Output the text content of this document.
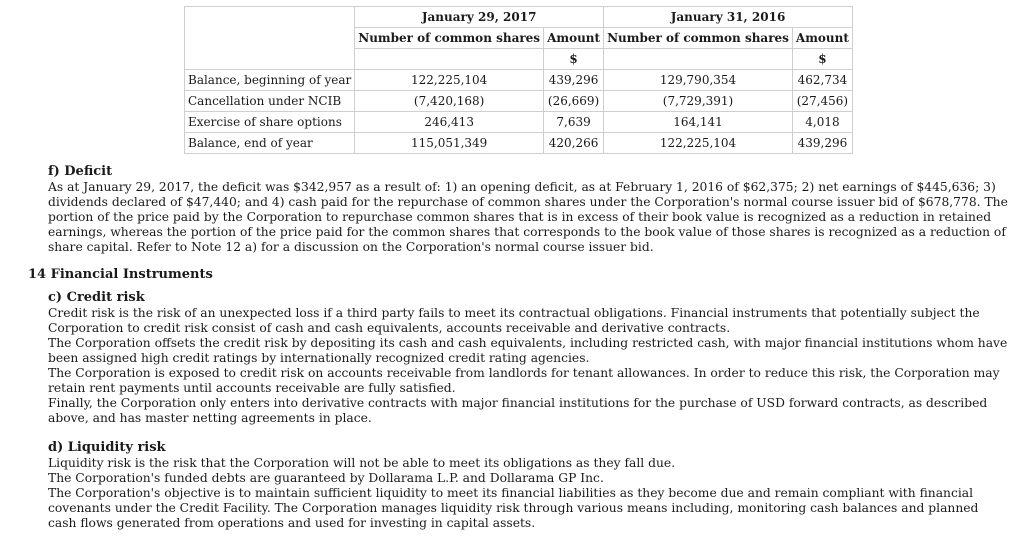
	January 29, 2017		January 31, 2016	
	Number of common shares	Amount	Number of common shares	Amount
		$		$
Balance, beginning of year	122,225,104	439,296	129,790,354	462,734
Cancellation under NCIB	(7,420,168)	(26,669)	(7,729,391)	(27,456)
Exercise of share options	246,413	7,639	164,141	4,018
Balance, end of year	115,051,349	420,266	122,225,104	439,296
f) Deficit

As at January 29, 2017, the deficit was $342,957 as a result of: 1) an opening deficit, as at February 1, 2016 of $62,375; 2) net earnings of $445,636; 3) dividends declared of $47,440; and 4) cash paid for the repurchase of common shares under the Corporation's normal course issuer bid of $678,778. The portion of the price paid by the Corporation to repurchase common shares that is in excess of their book value is recognized as a reduction in retained earnings, whereas the portion of the price paid for the common shares that corresponds to the book value of those shares is recognized as a reduction of share capital. Refer to Note 12 a) for a discussion on the Corporation's normal course issuer bid.

14 Financial Instruments
c) Credit risk

Credit risk is the risk of an unexpected loss if a third party fails to meet its contractual obligations. Financial instruments that potentially subject the Corporation to credit risk consist of cash and cash equivalents, accounts receivable and derivative contracts.

The Corporation offsets the credit risk by depositing its cash and cash equivalents, including restricted cash, with major financial institutions whom have been assigned high credit ratings by internationally recognized credit rating agencies.

The Corporation is exposed to credit risk on accounts receivable from landlords for tenant allowances. In order to reduce this risk, the Corporation may retain rent payments until accounts receivable are fully satisfied.

Finally, the Corporation only enters into derivative contracts with major financial institutions for the purchase of USD forward contracts, as described above, and has master netting agreements in place.

d) Liquidity risk

Liquidity risk is the risk that the Corporation will not be able to meet its obligations as they fall due.

The Corporation's funded debts are guaranteed by Dollarama L.P. and Dollarama GP Inc.

The Corporation's objective is to maintain sufficient liquidity to meet its financial liabilities as they become due and remain compliant with financial covenants under the Credit Facility. The Corporation manages liquidity risk through various means including, monitoring cash balances and planned cash flows generated from operations and used for investing in capital assets.
